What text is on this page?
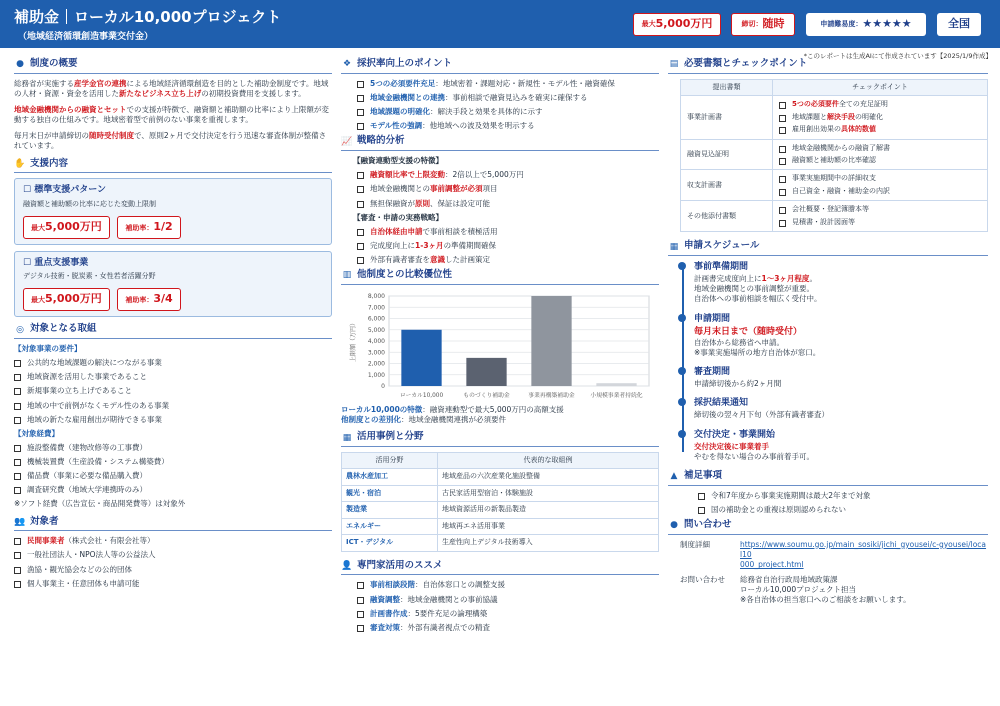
補助金 ローカル10,000プロジェクト
（地域経済循環創造事業交付金）
最大 5,000万円	締切： 随時	申請難易度： ★★★★★	全国
*このレポートは生成AIにて作成されています【2025/1/9作成】
● 制度の概要

総務省が実施する産学金官の連携による地域経済循環創造を目的とした補助金制度です。地域の人材・資源・資金を活用した新たなビジネス立ち上げの初期投資費用を支援します。

地域金融機関からの融資とセットでの支援が特徴で、融資額と補助額の比率により上限額が変動する独自の仕組みです。地域密着型で前例のない事業を重視します。

毎月末日が申請締切の随時受付制度で、原則2ヶ月で交付決定を行う迅速な審査体制が整備されています。

✋ 支援内容
☐ 標準支援パターン
融資額と補助額の比率に応じた変動上限制
最大5,000万円	補助率：1/2
☐ 重点支援事業
デジタル技術・脱炭素・女性若者活躍分野
最大5,000万円	補助率：3/4
◎ 対象となる取組
【対象事業の要件】
公共的な地域課題の解決につながる事業
地域資源を活用した事業であること
新規事業の立ち上げであること
地域の中で前例がなくモデル性のある事業
地域の新たな雇用創出が期待できる事業
【対象経費】
施設整備費（建物改修等の工事費）
機械装置費（生産設備・システム構築費）
備品費（事業に必要な備品購入費）
調査研究費（地域大学連携時のみ）
※ソフト経費（広告宣伝・商品開発費等）は対象外
👥 対象者
民間事業者 （株式会社・有限会社等）
一般社団法人・NPO法人等の公益法人
漁協・観光協会などの公的団体
個人事業主・任意団体も申請可能
❖ 採択率向上のポイント
5つの必須要件充足：地域密着・課題対応・新規性・モデル性・融資確保
地域金融機関との連携：事前相談で融資見込みを確実に確保する
地域課題の明確化：解決手段と効果を具体的に示す
モデル性の強調：他地域への波及効果を明示する
📈 戦略的分析
【融資連動型支援の特徴】
融資額比率で上限変動：2倍以上で5,000万円
地域金融機関との事前調整が必須項目
無担保融資が原則、保証は設定可能
【審査・申請の実務戦略】
自治体経由申請で事前相談を積極活用
完成度向上に1-3ヶ月の準備期間確保
外部有識者審査を意識した計画策定
▥ 他制度との比較優位性
0
1,000
2,000
3,000
4,000
5,000
6,000
7,000
8,000
上限額（万円）
ローカル10,000	ものづくり補助金	事業再構築補助金	小規模事業者持続化
ローカル10,000の特徴：融資連動型で最大5,000万円の高額支援
他制度との差別化：地域金融機関連携が必須要件
▦ 活用事例と分野
活用分野	代表的な取組例
農林水産加工	地域産品の六次産業化施設整備
観光・宿泊	古民家活用型宿泊・体験施設
製造業	地域資源活用の新製品製造
エネルギー	地域再エネ活用事業
ICT・デジタル	生産性向上デジタル技術導入
👤 専門家活用のススメ
事前相談段階：自治体窓口との調整支援
融資調整：地域金融機関との事前協議
計画書作成：5要件充足の論理構築
審査対策：外部有識者視点での精査
▤ 必要書類とチェックポイント
提出書類	チェックポイント
事業計画書	5つの必須要件全ての充足証明
地域課題と解決手段の明確化
雇用創出効果の具体的数値

融資見込証明	地域金融機関からの融資了解書
融資額と補助額の比率確認

収支計画書	事業実施期間中の詳細収支
自己資金・融資・補助金の内訳

その他添付書類	会社概要・登記簿謄本等
見積書・設計図面等
▦ 申請スケジュール
事前準備期間
計画書完成度向上に1〜3ヶ月程度。
地域金融機関との事前調整が重要。
自治体への事前相談を幅広く受付中。
申請期間
毎月末日まで（随時受付）
自治体から総務省へ申請。
※事業実施場所の地方自治体が窓口。
審査期間
申請締切後から約2ヶ月間
採択結果通知
締切後の翌々月下旬（外部有識者審査）
交付決定・事業開始
交付決定後に事業着手
やむを得ない場合のみ事前着手可。
▲ 補足事項
令和7年度から事業実施期間は最大2年まで対象
国の補助金との重複は原則認められない
● 問い合わせ
制度詳細	https://www.soumu.go.jp/main_sosiki/jichi_gyousei/c-gyousei/local10
000_project.html
お問い合わせ	総務省自治行政局地域政策課
ローカル10,000プロジェクト担当
※各自治体の担当窓口へのご相談をお願いします。
